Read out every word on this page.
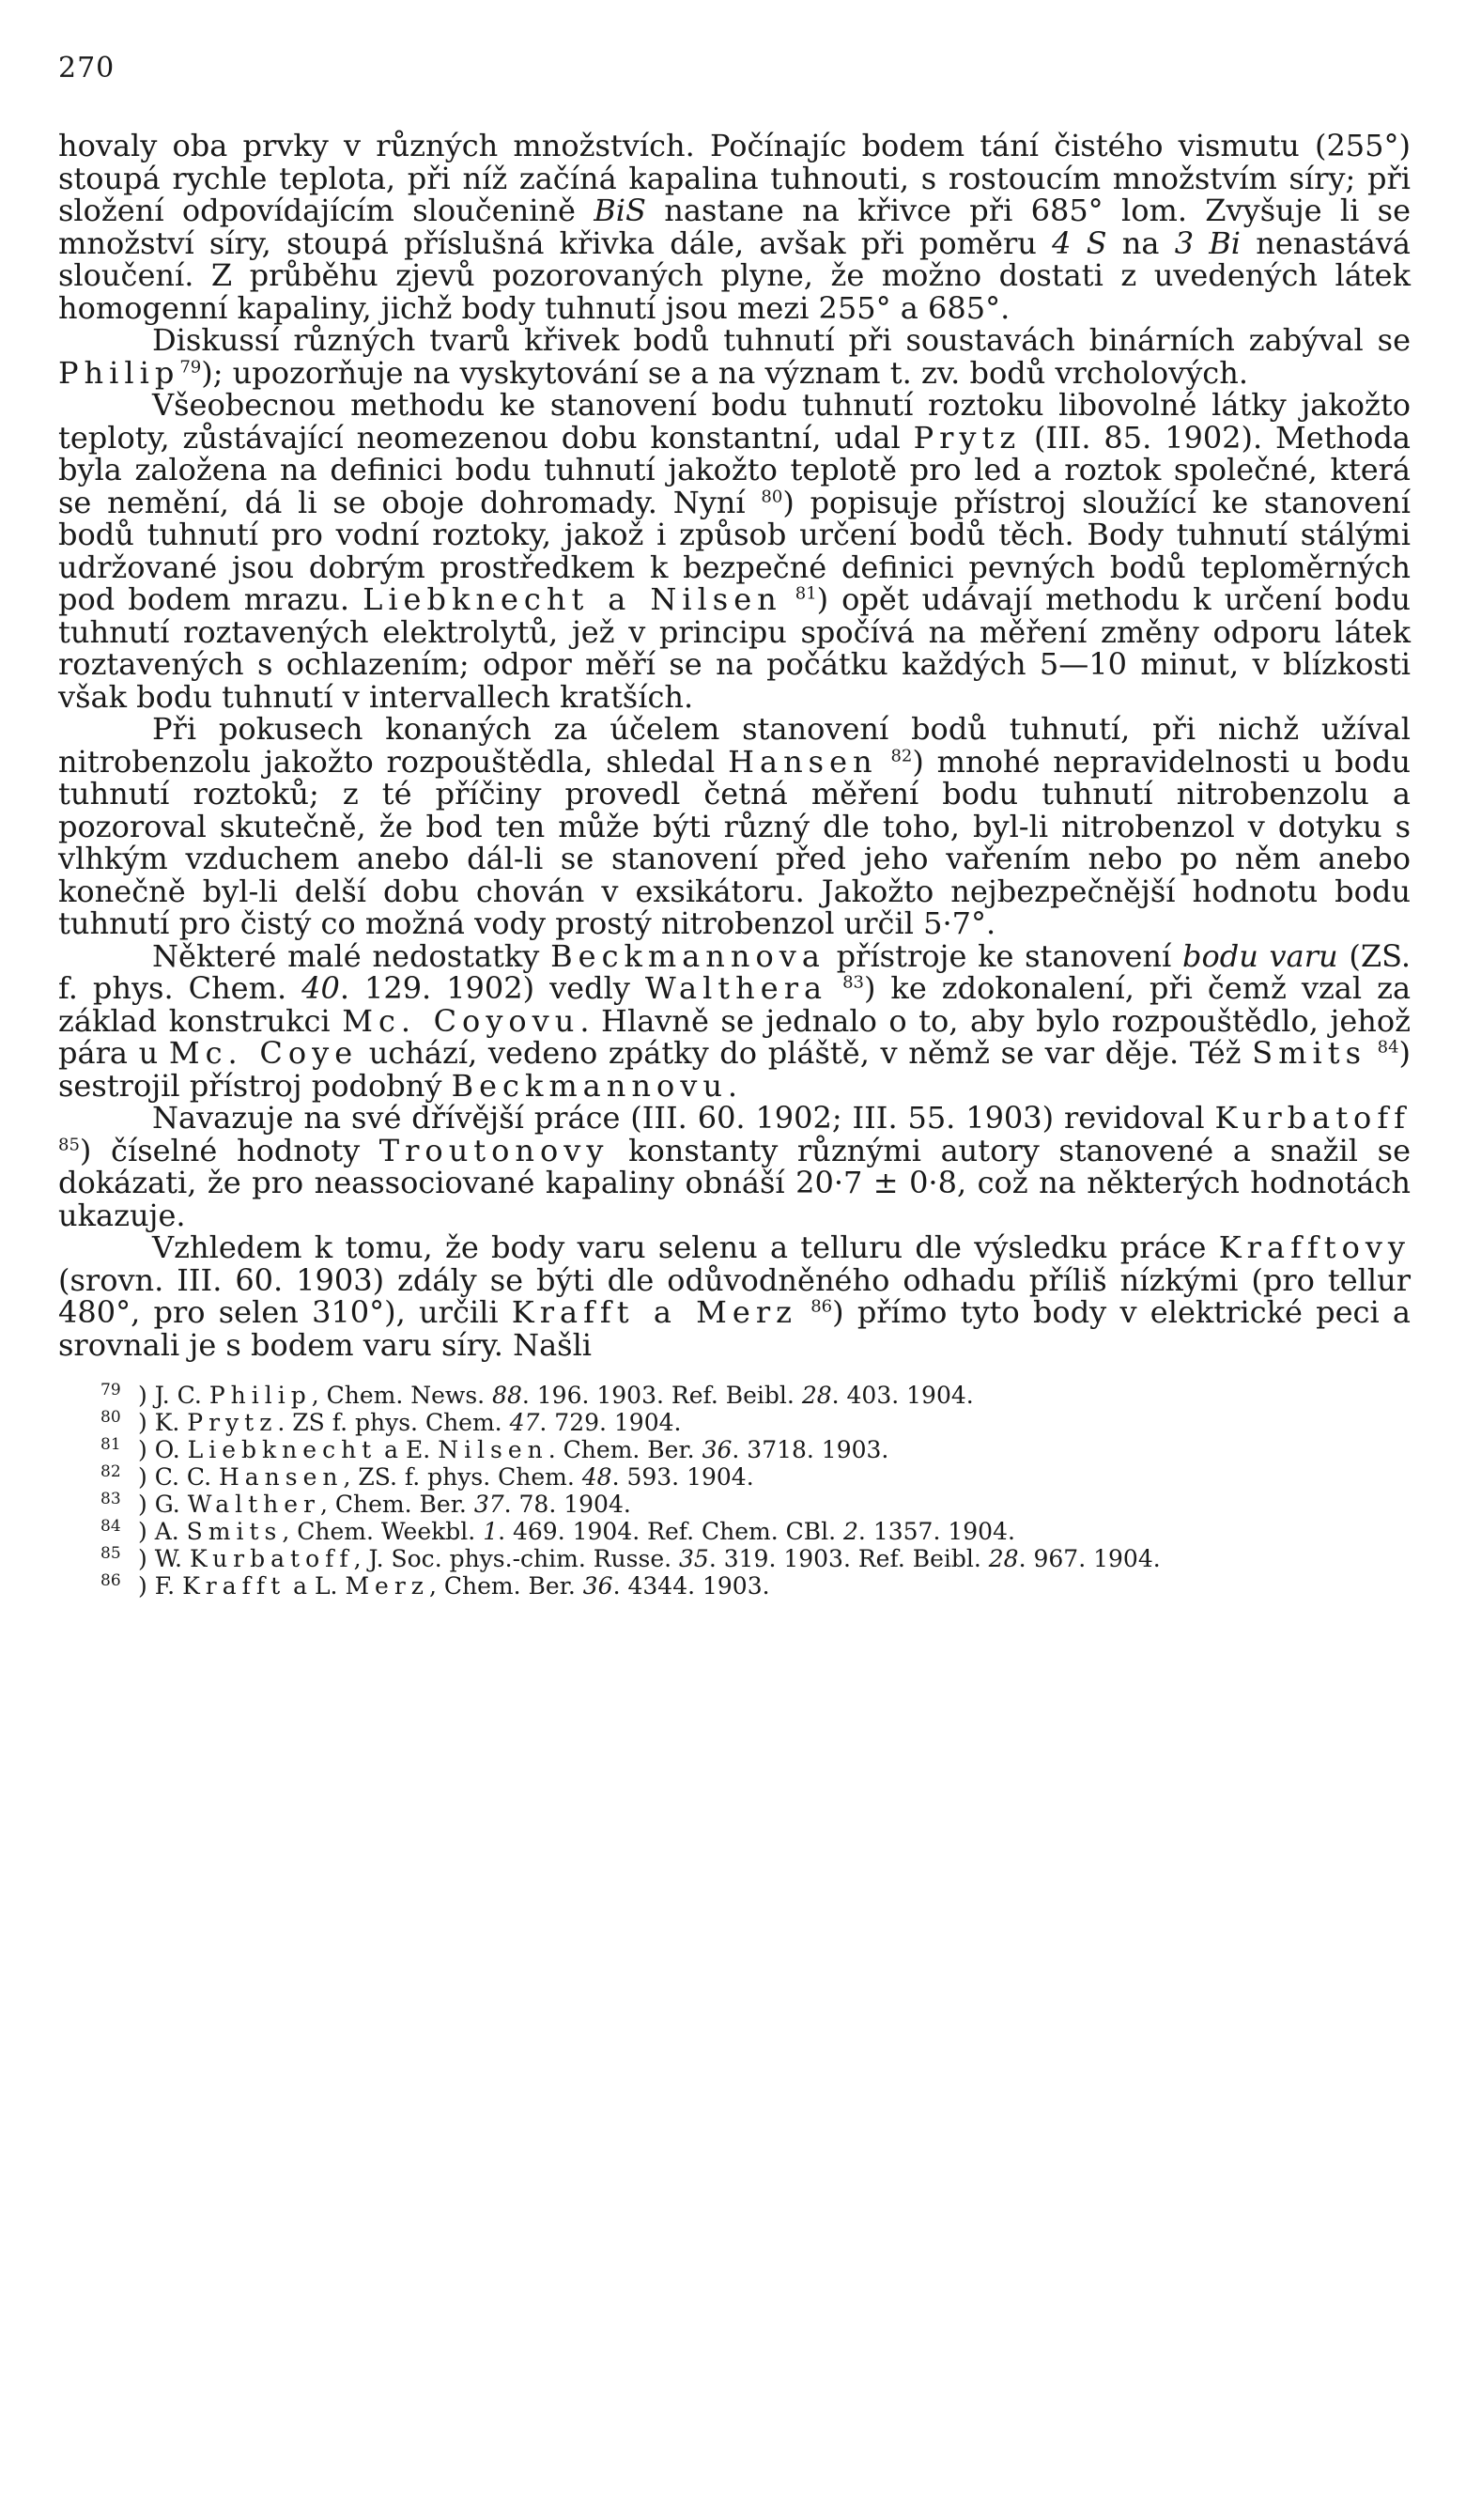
270

hovaly oba prvky v různých množstvích. Počínajíc bodem tání čistého vismutu (255°) stoupá rychle teplota, při níž začíná kapalina tuhnouti, s rostoucím množstvím síry; při složení odpovídajícím sloučenině BiS nastane na křivce při 685° lom. Zvyšuje li se množství síry, stoupá příslušná křivka dále, avšak při poměru 4 S na 3 Bi nenastává sloučení. Z průběhu zjevů pozorovaných plyne, že možno dostati z uvedených látek homogenní kapaliny, jichž body tuhnutí jsou mezi 255° a 685°.

Diskussí různých tvarů křivek bodů tuhnutí při soustavách binárních zabýval se Philip$^{79}$); upozorňuje na vyskytování se a na význam t. zv. bodů vrcholových.

Všeobecnou methodu ke stanovení bodu tuhnutí roztoku libovolné látky jakožto teploty, zůstávající neomezenou dobu konstantní, udal Prytz (III. 85. 1902). Methoda byla založena na definici bodu tuhnutí jakožto teplotě pro led a roztok společné, která se nemění, dá li se oboje dohromady. Nyní $^{80}$) popisuje přístroj sloužící ke stanovení bodů tuhnutí pro vodní roztoky, jakož i způsob určení bodů těch. Body tuhnutí stálými udržované jsou dobrým prostředkem k bezpečné definici pevných bodů teploměrných pod bodem mrazu. Liebknecht a Nilsen $^{81}$) opět udávají methodu k určení bodu tuhnutí roztavených elektrolytů, jež v principu spočívá na měření změny odporu látek roztavených s ochlazením; odpor měří se na počátku každých 5—10 minut, v blízkosti však bodu tuhnutí v intervallech kratších.

Při pokusech konaných za účelem stanovení bodů tuhnutí, při nichž užíval nitrobenzolu jakožto rozpouštědla, shledal Hansen $^{82}$) mnohé nepravidelnosti u bodu tuhnutí roztoků; z té příčiny provedl četná měření bodu tuhnutí nitrobenzolu a pozoroval skutečně, že bod ten může býti různý dle toho, byl-li nitrobenzol v dotyku s vlhkým vzduchem anebo dál-li se stanovení před jeho vařením nebo po něm anebo konečně byl-li delší dobu chován v exsikátoru. Jakožto nejbezpečnější hodnotu bodu tuhnutí pro čistý co možná vody prostý nitrobenzol určil 5·7°.

Některé malé nedostatky Beckmannova přístroje ke stanovení bodu varu (ZS. f. phys. Chem. 40. 129. 1902) vedly Walthera $^{83}$) ke zdokonalení, při čemž vzal za základ konstrukci Mc. Coyovu. Hlavně se jednalo o to, aby bylo rozpouštědlo, jehož pára u Mc. Coye uchází, vedeno zpátky do pláště, v němž se var děje. Též Smits $^{84}$) sestrojil přístroj podobný Beckmannovu.

Navazuje na své dřívější práce (III. 60. 1902; III. 55. 1903) revidoval Kurbatoff $^{85}$) číselné hodnoty Troutonovy konstanty různými autory stanovené a snažil se dokázati, že pro neassociované kapaliny obnáší 20·7 ± 0·8, což na některých hodnotách ukazuje.

Vzhledem k tomu, že body varu selenu a telluru dle výsledku práce Krafftovy (srovn. III. 60. 1903) zdály se býti dle odůvodněného odhadu příliš nízkými (pro tellur 480°, pro selen 310°), určili Krafft a Merz $^{86}$) přímo tyto body v elektrické peci a srovnali je s bodem varu síry. Našli

79 ) J. C. Philip, Chem. News. 88. 196. 1903. Ref. Beibl. 28. 403. 1904.
80 ) K. Prytz. ZS f. phys. Chem. 47. 729. 1904.
81 ) O. Liebknecht a E. Nilsen. Chem. Ber. 36. 3718. 1903.
82 ) C. C. Hansen, ZS. f. phys. Chem. 48. 593. 1904.
83 ) G. Walther, Chem. Ber. 37. 78. 1904.
84 ) A. Smits, Chem. Weekbl. 1. 469. 1904. Ref. Chem. CBl. 2. 1357. 1904.
85 ) W. Kurbatoff, J. Soc. phys.-chim. Russe. 35. 319. 1903. Ref. Beibl. 28. 967. 1904.
86 ) F. Krafft a L. Merz, Chem. Ber. 36. 4344. 1903.
